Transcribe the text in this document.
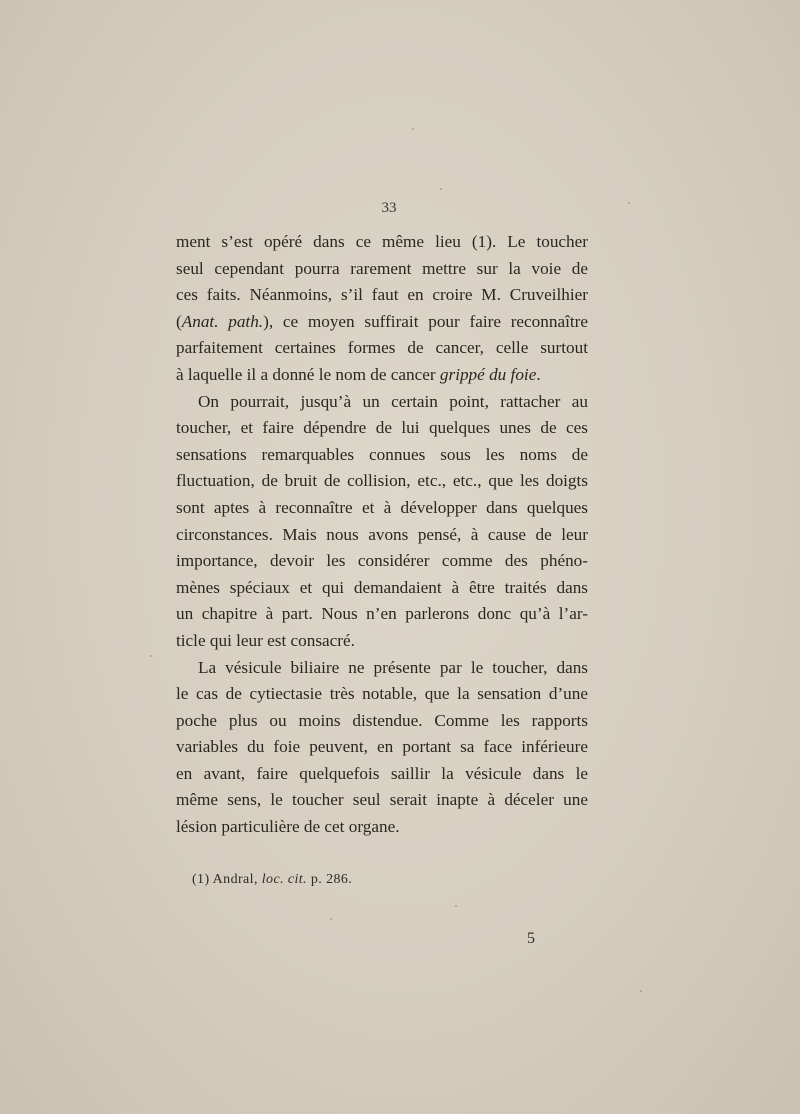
33
ment s’est opéré dans ce même lieu (1). Le toucher
seul cependant pourra rarement mettre sur la voie de
ces faits. Néanmoins, s’il faut en croire M. Cruveilhier
(Anat. path.), ce moyen suffirait pour faire reconnaître
parfaitement certaines formes de cancer, celle surtout
à laquelle il a donné le nom de cancer grippé du foie.
On pourrait, jusqu’à un certain point, rattacher au
toucher, et faire dépendre de lui quelques unes de ces
sensations remarquables connues sous les noms de
fluctuation, de bruit de collision, etc., etc., que les doigts
sont aptes à reconnaître et à développer dans quelques
circonstances. Mais nous avons pensé, à cause de leur
importance, devoir les considérer comme des phéno-
mènes spéciaux et qui demandaient à être traités dans
un chapitre à part. Nous n’en parlerons donc qu’à l’ar-
ticle qui leur est consacré.
La vésicule biliaire ne présente par le toucher, dans
le cas de cytiectasie très notable, que la sensation d’une
poche plus ou moins distendue. Comme les rapports
variables du foie peuvent, en portant sa face inférieure
en avant, faire quelquefois saillir la vésicule dans le
même sens, le toucher seul serait inapte à déceler une
lésion particulière de cet organe.
(1) Andral, loc. cit. p. 286.
5
